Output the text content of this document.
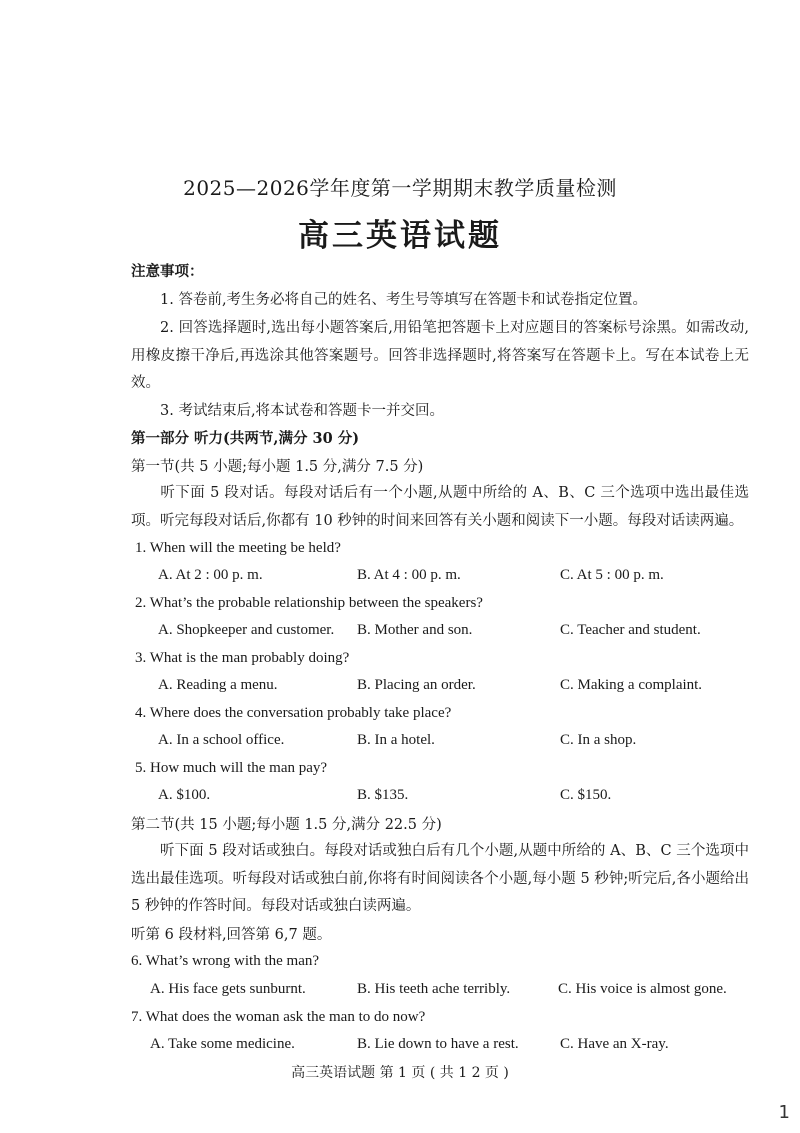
2025—2026学年度第一学期期末教学质量检测
高三英语试题
注意事项：
1. 答卷前,考生务必将自己的姓名、考生号等填写在答题卡和试卷指定位置。
2. 回答选择题时,选出每小题答案后,用铅笔把答题卡上对应题目的答案标号涂黑。如需改动,用橡皮擦干净后,再选涂其他答案题号。回答非选择题时,将答案写在答题卡上。写在本试卷上无效。
3. 考试结束后,将本试卷和答题卡一并交回。
第一部分 听力(共两节,满分 30 分)
第一节(共 5 小题;每小题 1.5 分,满分 7.5 分)
听下面 5 段对话。每段对话后有一个小题,从题中所给的 A、B、C 三个选项中选出最佳选项。听完每段对话后,你都有 10 秒钟的时间来回答有关小题和阅读下一小题。每段对话读两遍。
1. When will the meeting be held?
A. At 2 : 00 p. m.	B. At 4 : 00 p. m.	C. At 5 : 00 p. m.
2. What’s the probable relationship between the speakers?
A. Shopkeeper and customer. B. Mother and son.	C. Teacher and student.
3. What is the man probably doing?
A. Reading a menu.	B. Placing an order.	C. Making a complaint.
4. Where does the conversation probably take place?
A. In a school office.	B. In a hotel.	C. In a shop.
5. How much will the man pay?
A. $100.	B. $135.	C. $150.
第二节(共 15 小题;每小题 1.5 分,满分 22.5 分)
听下面 5 段对话或独白。每段对话或独白后有几个小题,从题中所给的 A、B、C 三个选项中选出最佳选项。听每段对话或独白前,你将有时间阅读各个小题,每小题 5 秒钟;听完后,各小题给出 5 秒钟的作答时间。每段对话或独白读两遍。
听第 6 段材料,回答第 6,7 题。
6. What’s wrong with the man?
A. His face gets sunburnt.	B. His teeth ache terribly.	C. His voice is almost gone.
7. What does the woman ask the man to do now?
A. Take some medicine.	B. Lie down to have a rest.	C. Have an X-ray.
高三英语试题 第 1 页 ( 共 1 2 页 )
1
